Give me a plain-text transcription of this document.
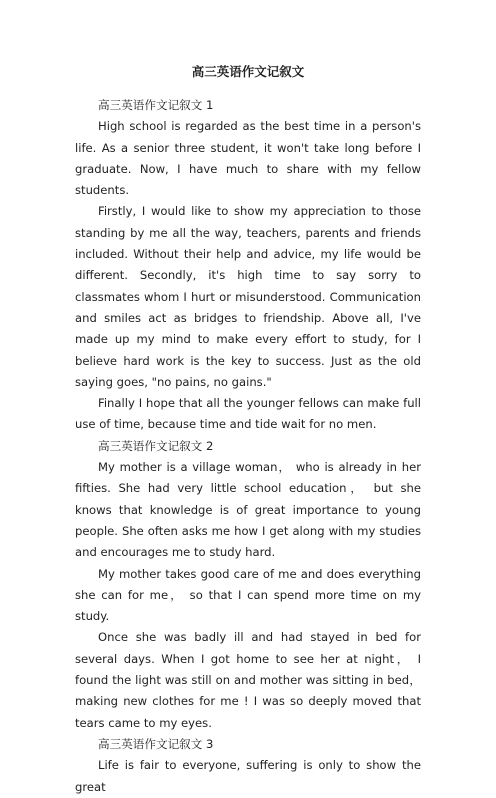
高三英语作文记叙文

高三英语作文记叙文 1

High school is regarded as the best time in a person's life. As a senior three student, it won't take long before I graduate. Now, I have much to share with my fellow students.

Firstly, I would like to show my appreciation to those standing by me all the way, teachers, parents and friends included. Without their help and advice, my life would be different. Secondly, it's high time to say sorry to classmates whom I hurt or misunderstood. Communication and smiles act as bridges to friendship. Above all, I've made up my mind to make every effort to study, for I believe hard work is the key to success. Just as the old saying goes, "no pains, no gains."

Finally I hope that all the younger fellows can make full use of time, because time and tide wait for no men.

高三英语作文记叙文 2

My mother is a village woman， who is already in her fifties. She had very little school education， but she knows that knowledge is of great importance to young people. She often asks me how I get along with my studies and encourages me to study hard.

My mother takes good care of me and does everything she can for me， so that I can spend more time on my study.

Once she was badly ill and had stayed in bed for several days. When I got home to see her at night， I found the light was still on and mother was sitting in bed， making new clothes for me ! I was so deeply moved that tears came to my eyes.

高三英语作文记叙文 3

Life is fair to everyone, suffering is only to show the great
